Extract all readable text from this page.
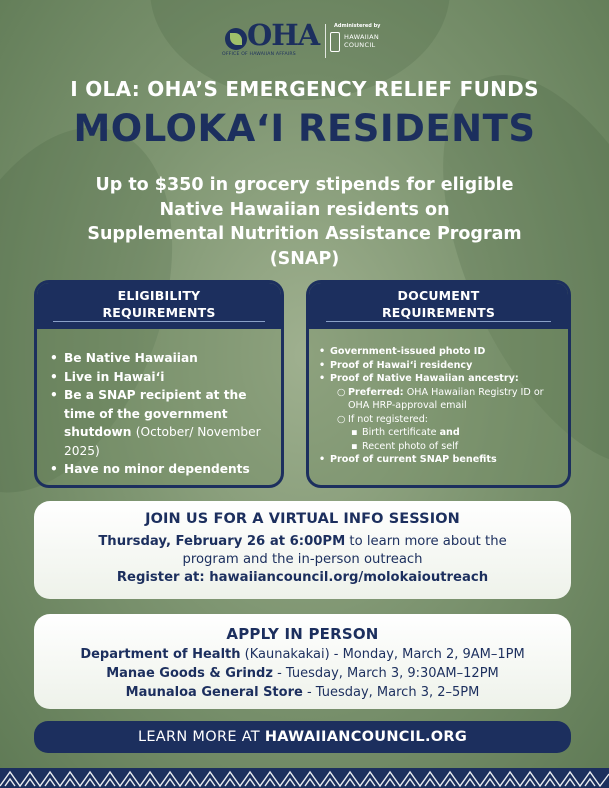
OHA
OFFICE OF HAWAIIAN AFFAIRS
Administered by
HAWAIIAN
COUNCIL
I OLA: OHA’S EMERGENCY RELIEF FUNDS
MOLOKAʻI RESIDENTS
Up to $350 in grocery stipends for eligible
Native Hawaiian residents on
Supplemental Nutrition Assistance Program
(SNAP)
ELIGIBILITY
REQUIREMENTS
• Be Native Hawaiian
• Live in Hawaiʻi
• Be a SNAP recipient at the time of the government shutdown (October/ November 2025)
• Have no minor dependents
DOCUMENT
REQUIREMENTS
• Government-issued photo ID
• Proof of Hawaiʻi residency
• Proof of Native Hawaiian ancestry:
○ Preferred: OHA Hawaiian Registry ID or OHA HRP-approval email
○ If not registered:
▪ Birth certificate and
▪ Recent photo of self
• Proof of current SNAP benefits
JOIN US FOR A VIRTUAL INFO SESSION
Thursday, February 26 at 6:00PM to learn more about the
program and the in-person outreach
Register at: hawaiiancouncil.org/molokaioutreach
APPLY IN PERSON
Department of Health (Kaunakakai) - Monday, March 2, 9AM–1PM
Manae Goods & Grindz - Tuesday, March 3, 9:30AM–12PM
Maunaloa General Store - Tuesday, March 3, 2–5PM
LEARN MORE AT HAWAIIANCOUNCIL.ORG
